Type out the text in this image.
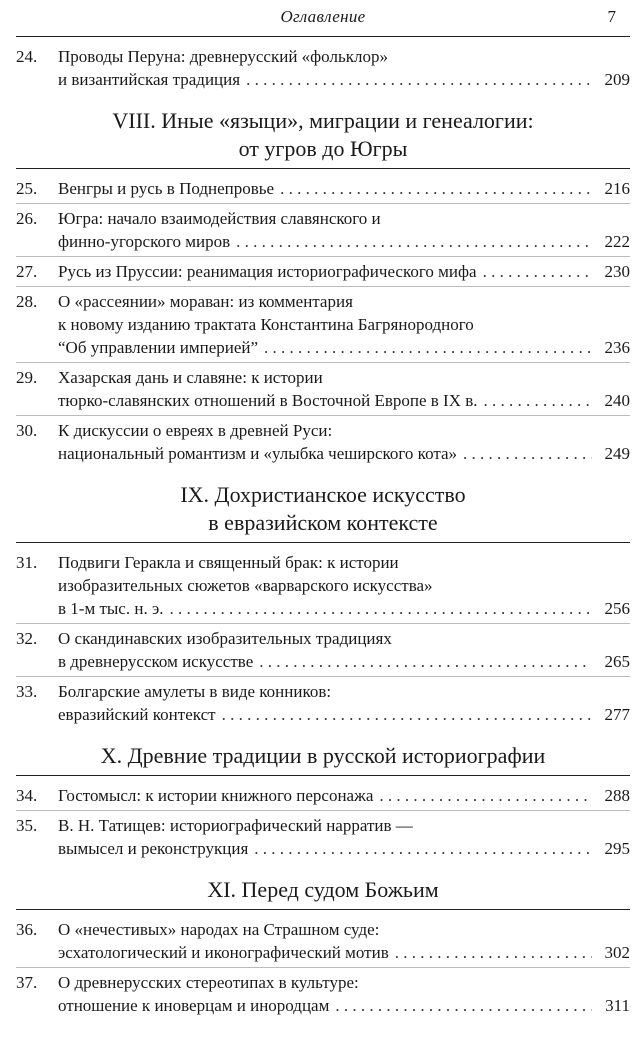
Оглавление	7
24. Проводы Перуна: древнерусский «фольклор»
и византийская традиция . . .	209
VIII. Иные «языци», миграции и генеалогии:
от угров до Югры
25.	Венгры и русь в Поднепровье . . .	216
26. Югра: начало взаимодействия славянского и
финно-угорского миров . . .	222
27.	Русь из Пруссии: реанимация историографического мифа . . .	230
28. О «рассеянии» мораван: из комментария
к новому изданию трактата Константина Багрянородного
“Об управлении империей” . . .	236
29. Хазарская дань и славяне: к истории
тюрко-славянских отношений в Восточной Европе в IX в. . . .	240
30. К дискуссии о евреях в древней Руси:
национальный романтизм и «улыбка чеширского кота» . . .	249
IX. Дохристианское искусство
в евразийском контексте
31. Подвиги Геракла и священный брак: к истории
изобразительных сюжетов «варварского искусства»
в 1-м тыс. н. э. . . .	256
32. О скандинавских изобразительных традициях
в древнерусском искусстве . . .	265
33. Болгарские амулеты в виде конников:
евразийский контекст . . .	277
X. Древние традиции в русской историографии
34.	Гостомысл: к истории книжного персонажа . . .	288
35. В. Н. Татищев: историографический нарратив —
вымысел и реконструкция . . .	295
XI. Перед судом Божьим
36. О «нечестивых» народах на Страшном суде:
эсхатологический и иконографический мотив . . .	302
37. О древнерусских стереотипах в культуре:
отношение к иноверцам и инородцам . . .	311
